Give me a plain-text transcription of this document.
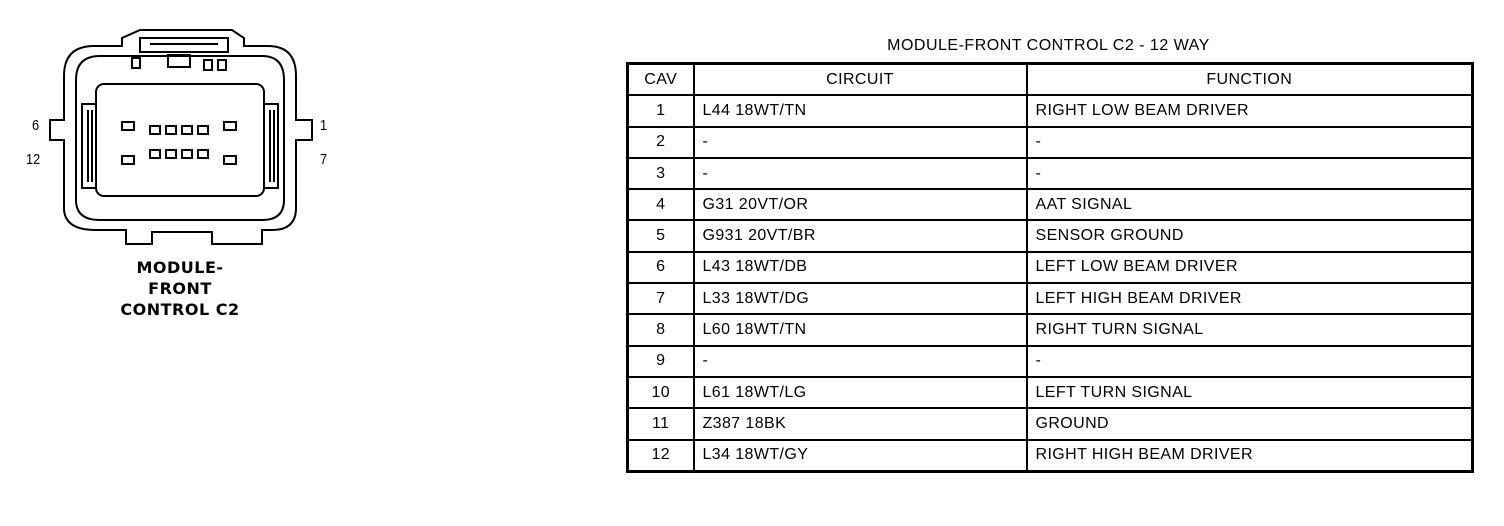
6
12
1
7
MODULE-
FRONT
CONTROL C2
MODULE-FRONT CONTROL C2 - 12 WAY
CAV	CIRCUIT	FUNCTION
1	L44 18WT/TN	RIGHT LOW BEAM DRIVER
2	-	-
3	-	-
4	G31 20VT/OR	AAT SIGNAL
5	G931 20VT/BR	SENSOR GROUND
6	L43 18WT/DB	LEFT LOW BEAM DRIVER
7	L33 18WT/DG	LEFT HIGH BEAM DRIVER
8	L60 18WT/TN	RIGHT TURN SIGNAL
9	-	-
10	L61 18WT/LG	LEFT TURN SIGNAL
11	Z387 18BK	GROUND
12	L34 18WT/GY	RIGHT HIGH BEAM DRIVER
